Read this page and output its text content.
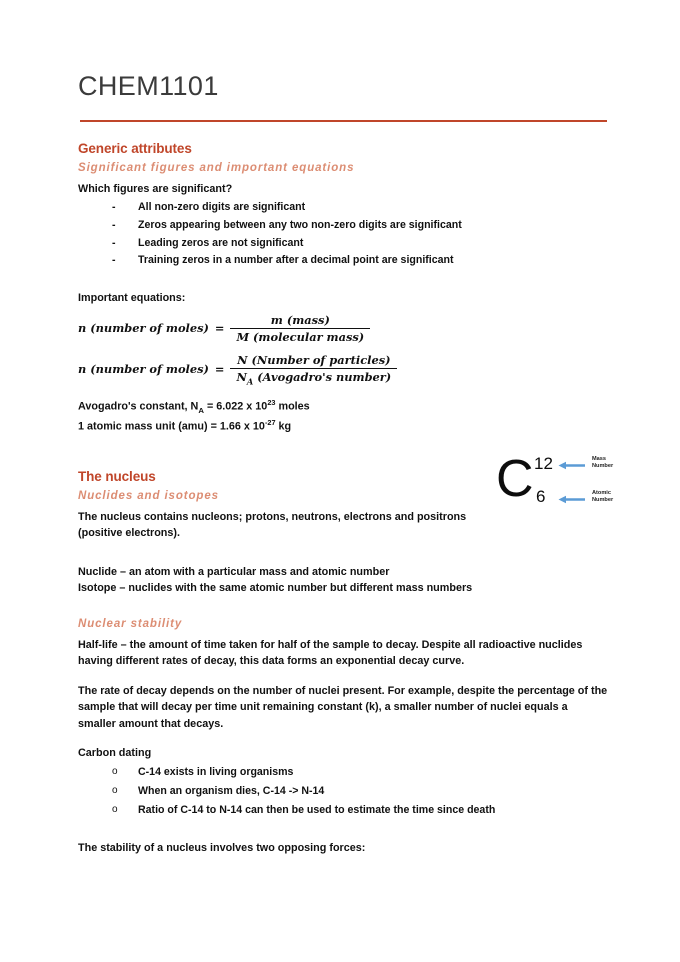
CHEM1101
Generic attributes
Significant figures and important equations

Which figures are significant?

- All non-zero digits are significant
- Zeros appearing between any two non-zero digits are significant
- Leading zeros are not significant
- Training zeros in a number after a decimal point are significant

Important equations:

n (number of moles) = $\frac{\text{m (mass)}}{\text{M (molecular mass)}}$
n (number of moles) = $\frac{\text{N (Number of particles)}}{N_A (Avogadro's number)}$
Avogadro's constant, $N_A = 6.022$ x $10^{23}$ moles
1 atomic mass unit (amu) = 1.66 x $10^{-27}$ kg
The nucleus
Nuclides and isotopes

The nucleus contains nucleons; protons, neutrons, electrons and positrons (positive electrons).

C 12
6
Mass
Number
Atomic
Number
Nuclide – an atom with a particular mass and atomic number
Isotope – nuclides with the same atomic number but different mass numbers
Nuclear stability

Half-life – the amount of time taken for half of the sample to decay. Despite all radioactive nuclides having different rates of decay, this data forms an exponential decay curve.

The rate of decay depends on the number of nuclei present. For example, despite the percentage of the sample that will decay per time unit remaining constant (k), a smaller number of nuclei equals a smaller amount that decays.

Carbon dating

o C-14 exists in living organisms
o When an organism dies, C-14 -> N-14
o Ratio of C-14 to N-14 can then be used to estimate the time since death

The stability of a nucleus involves two opposing forces:
